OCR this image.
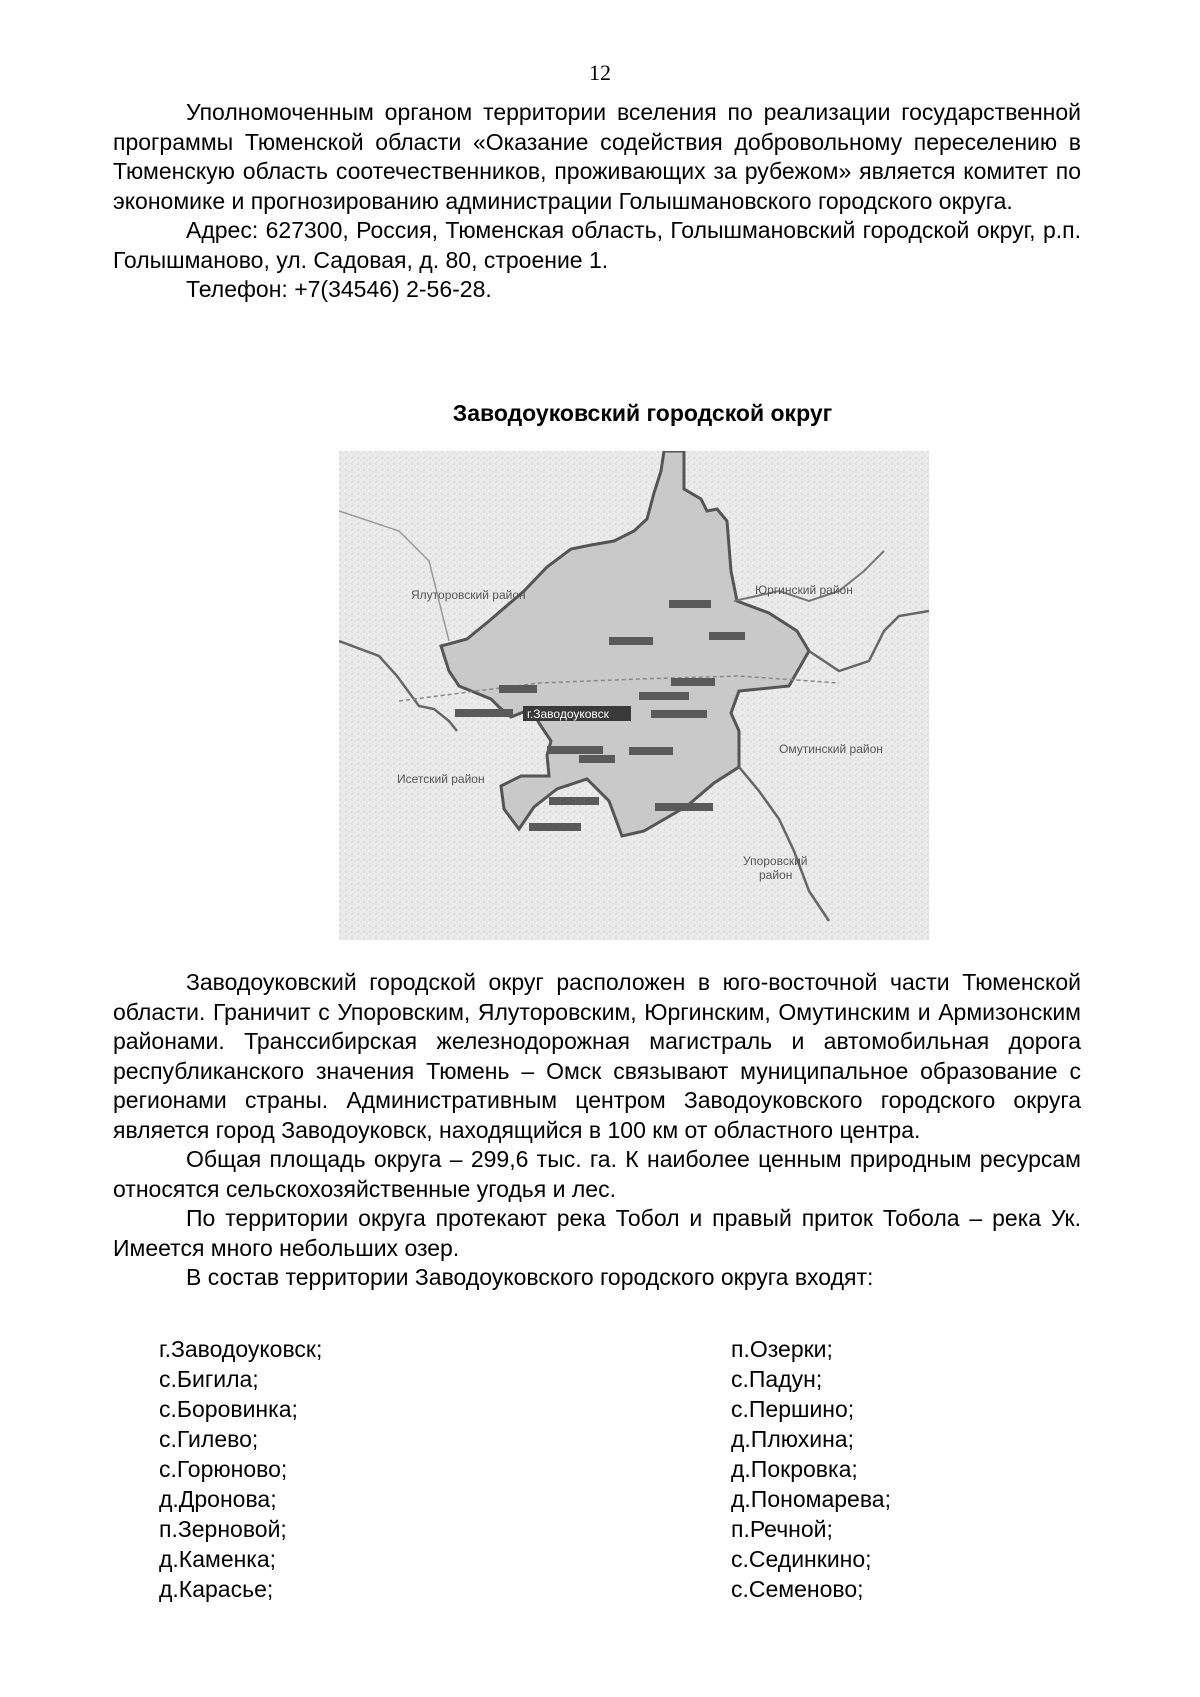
12

Уполномоченным органом территории вселения по реализации государственной программы Тюменской области «Оказание содействия добровольному переселению в Тюменскую область соотечественников, проживающих за рубежом» является комитет по экономике и прогнозированию администрации Голышмановского городского округа.

Адрес: 627300, Россия, Тюменская область, Голышмановский городской округ, р.п. Голышманово, ул. Садовая, д. 80, строение 1.

Телефон: +7(34546) 2-56-28.

Заводоуковский городской округ
Ялуторовский район	Юргинский район
Омутинский район
Исетский район
Упоровский
район
г.Заводоуковск

Заводоуковский городской округ расположен в юго-восточной части Тюменской области. Граничит с Упоровским, Ялуторовским, Юргинским, Омутинским и Армизонским районами. Транссибирская железнодорожная магистраль и автомобильная дорога республиканского значения Тюмень – Омск связывают муниципальное образование с регионами страны. Административным центром Заводоуковского городского округа является город Заводоуковск, находящийся в 100 км от областного центра.

Общая площадь округа – 299,6 тыс. га. К наиболее ценным природным ресурсам относятся сельскохозяйственные угодья и лес.

По территории округа протекают река Тобол и правый приток Тобола – река Ук. Имеется много небольших озер.

В состав территории Заводоуковского городского округа входят:

г.Заводоуковск;	п.Озерки;
с.Бигила;	с.Падун;
с.Боровинка;	с.Першино;
с.Гилево;	д.Плюхина;
с.Горюново;	д.Покровка;
д.Дронова;	д.Пономарева;
п.Зерновой;	п.Речной;
д.Каменка;	с.Сединкино;
д.Карасье;	с.Семеново;
